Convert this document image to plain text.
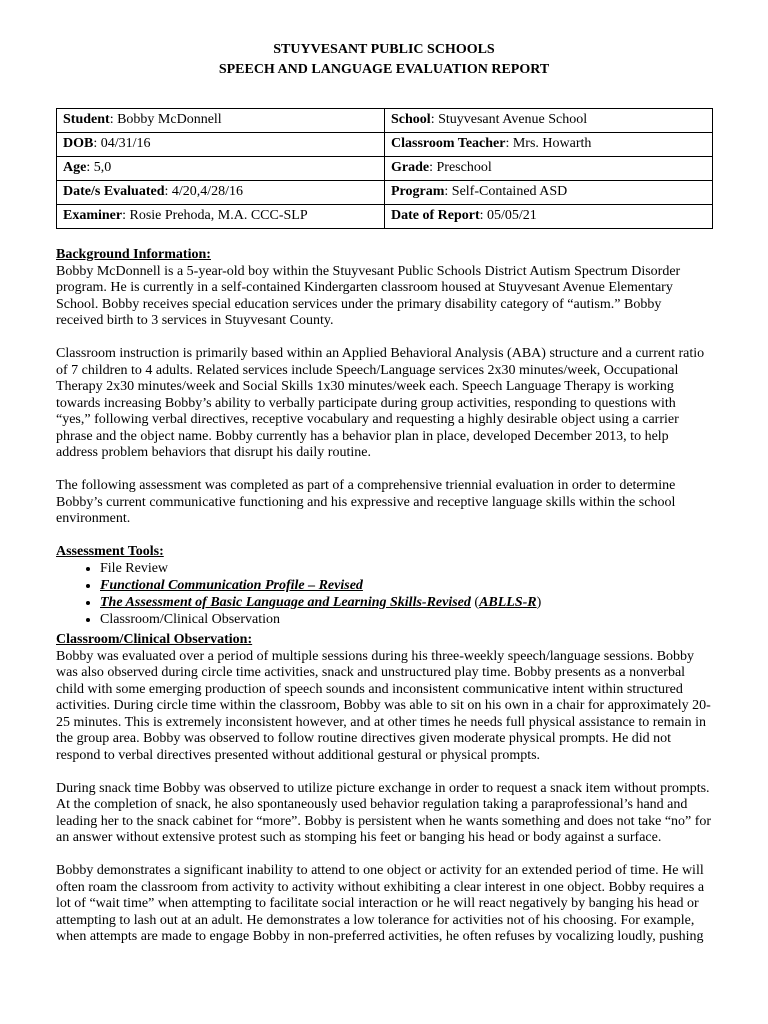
STUYVESANT PUBLIC SCHOOLS

SPEECH AND LANGUAGE EVALUATION REPORT

Student: Bobby McDonnell	School: Stuyvesant Avenue School
DOB: 04/31/16	Classroom Teacher: Mrs. Howarth
Age: 5,0	Grade: Preschool
Date/s Evaluated: 4/20,4/28/16	Program: Self-Contained ASD
Examiner: Rosie Prehoda, M.A. CCC-SLP	Date of Report: 05/05/21
Background Information:

Bobby McDonnell is a 5-year-old boy within the Stuyvesant Public Schools District Autism Spectrum Disorder program. He is currently in a self-contained Kindergarten classroom housed at Stuyvesant Avenue Elementary School. Bobby receives special education services under the primary disability category of “autism.” Bobby received birth to 3 services in Stuyvesant County.

Classroom instruction is primarily based within an Applied Behavioral Analysis (ABA) structure and a current ratio of 7 children to 4 adults. Related services include Speech/Language services 2x30 minutes/week, Occupational Therapy 2x30 minutes/week and Social Skills 1x30 minutes/week each. Speech Language Therapy is working towards increasing Bobby’s ability to verbally participate during group activities, responding to questions with “yes,” following verbal directives, receptive vocabulary and requesting a highly desirable object using a carrier phrase and the object name. Bobby currently has a behavior plan in place, developed December 2013, to help address problem behaviors that disrupt his daily routine.

The following assessment was completed as part of a comprehensive triennial evaluation in order to determine Bobby’s current communicative functioning and his expressive and receptive language skills within the school environment.

Assessment Tools:
• File Review
• Functional Communication Profile – Revised
• The Assessment of Basic Language and Learning Skills-Revised (ABLLS-R)
• Classroom/Clinical Observation
Classroom/Clinical Observation:

Bobby was evaluated over a period of multiple sessions during his three-weekly speech/language sessions. Bobby was also observed during circle time activities, snack and unstructured play time. Bobby presents as a nonverbal child with some emerging production of speech sounds and inconsistent communicative intent within structured activities. During circle time within the classroom, Bobby was able to sit on his own in a chair for approximately 20-25 minutes. This is extremely inconsistent however, and at other times he needs full physical assistance to remain in the group area. Bobby was observed to follow routine directives given moderate physical prompts. He did not respond to verbal directives presented without additional gestural or physical prompts.

During snack time Bobby was observed to utilize picture exchange in order to request a snack item without prompts. At the completion of snack, he also spontaneously used behavior regulation taking a paraprofessional’s hand and leading her to the snack cabinet for “more”. Bobby is persistent when he wants something and does not take “no” for an answer without extensive protest such as stomping his feet or banging his head or body against a surface.

Bobby demonstrates a significant inability to attend to one object or activity for an extended period of time. He will often roam the classroom from activity to activity without exhibiting a clear interest in one object. Bobby requires a lot of “wait time” when attempting to facilitate social interaction or he will react negatively by banging his head or attempting to lash out at an adult. He demonstrates a low tolerance for activities not of his choosing. For example, when attempts are made to engage Bobby in non-preferred activities, he often refuses by vocalizing loudly, pushing
